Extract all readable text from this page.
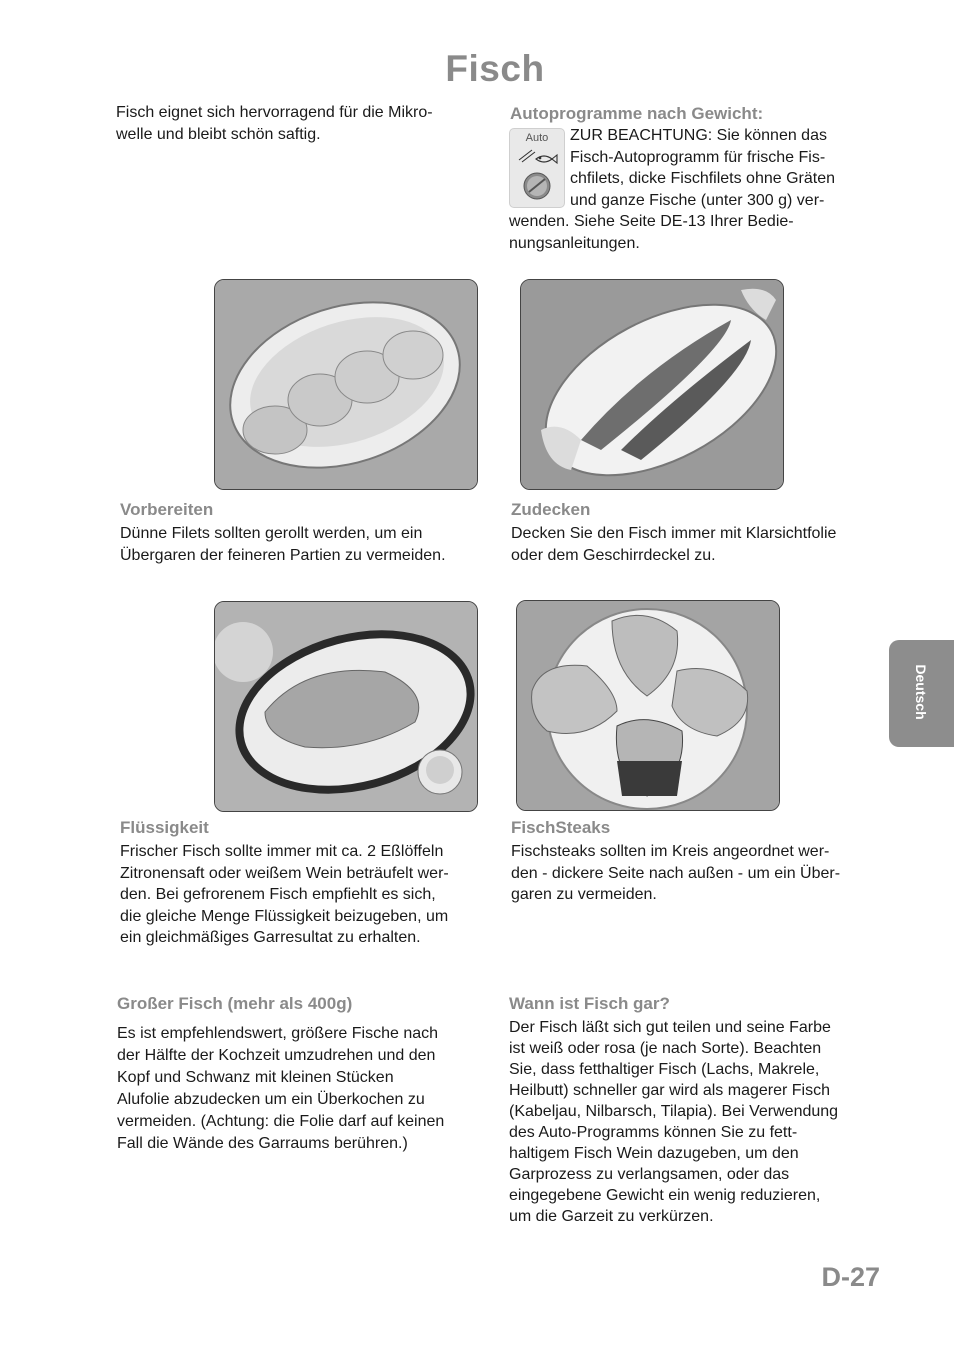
Fisch
Fisch eignet sich hervorragend für die Mikro-
welle und bleibt schön saftig.
Autoprogramme nach Gewicht:
Auto	ZUR BEACHTUNG: Sie können das
Fisch-Autoprogramm für frische Fis-
chfilets, dicke Fischfilets ohne Gräten
und ganze Fische (unter 300 g) ver-
wenden. Siehe Seite DE-13 Ihrer Bedie-
nungsanleitungen.
Vorbereiten
Dünne Filets sollten gerollt werden, um ein
Übergaren der feineren Partien zu vermeiden.
Zudecken
Decken Sie den Fisch immer mit Klarsichtfolie
oder dem Geschirrdeckel zu.
Flüssigkeit
Frischer Fisch sollte immer mit ca. 2 Eßlöffeln
Zitronensaft oder weißem Wein beträufelt wer-
den. Bei gefrorenem Fisch empfiehlt es sich,
die gleiche Menge Flüssigkeit beizugeben, um
ein gleichmäßiges Garresultat zu erhalten.
FischSteaks
Fischsteaks sollten im Kreis angeordnet wer-
den - dickere Seite nach außen - um ein Über-
garen zu vermeiden.
Großer Fisch (mehr als 400g)
Es ist empfehlendswert, größere Fische nach
der Hälfte der Kochzeit umzudrehen und den
Kopf und Schwanz mit kleinen Stücken
Alufolie abzudecken um ein Überkochen zu
vermeiden. (Achtung: die Folie darf auf keinen
Fall die Wände des Garraums berühren.)
Wann ist Fisch gar?
Der Fisch läßt sich gut teilen und seine Farbe
ist weiß oder rosa (je nach Sorte). Beachten
Sie, dass fetthaltiger Fisch (Lachs, Makrele,
Heilbutt) schneller gar wird als magerer Fisch
(Kabeljau, Nilbarsch, Tilapia). Bei Verwendung
des Auto-Programms können Sie zu fett-
haltigem Fisch Wein dazugeben, um den
Garprozess zu verlangsamen, oder das
eingegebene Gewicht ein wenig reduzieren,
um die Garzeit zu verkürzen.
Deutsch
D-27
